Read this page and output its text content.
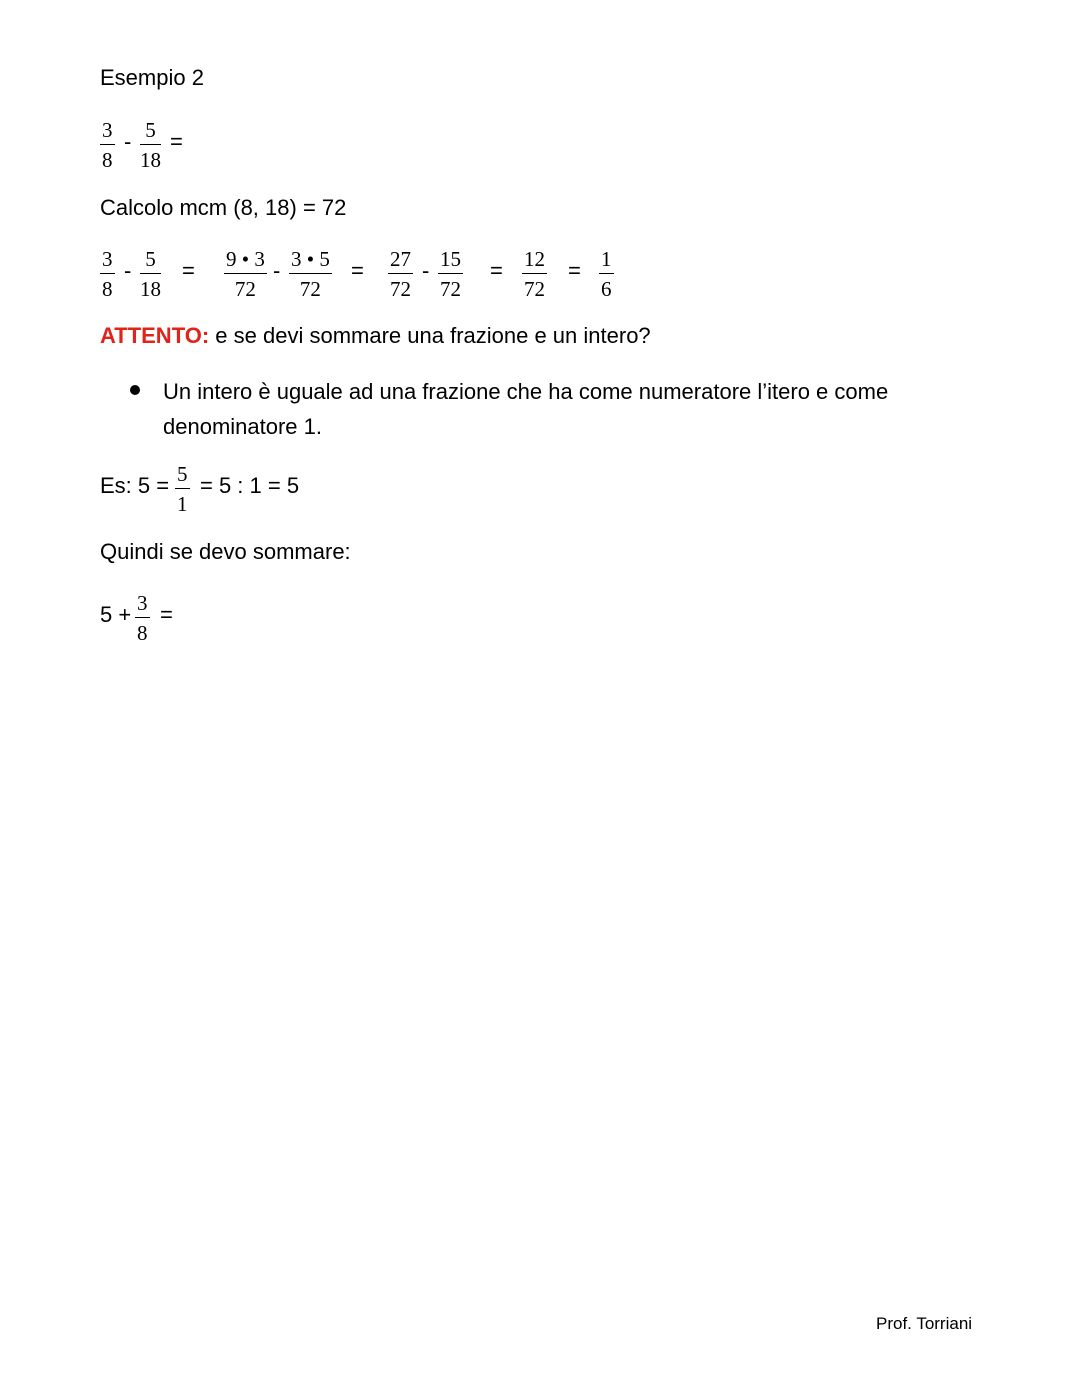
Esempio 2
$\frac{3}{8} - \frac{5}{18}$ =
Calcolo mcm (8, 18) = 72
$\frac{3}{8} - \frac{5}{18} = \frac{9 • 3}{72} - \frac{3 • 5}{72} = \frac{27}{72} - \frac{15}{72} = \frac{12}{72} = \frac{1}{6}$
ATTENTO: e se devi sommare una frazione e un intero?
Un intero è uguale ad una frazione che ha come numeratore l’itero e come denominatore 1.
Es: $5 = \frac{5}{1} = 5$ : 1 = 5
Quindi se devo sommare:
$5 + \frac{3}{8}$ =
Prof. Torriani
